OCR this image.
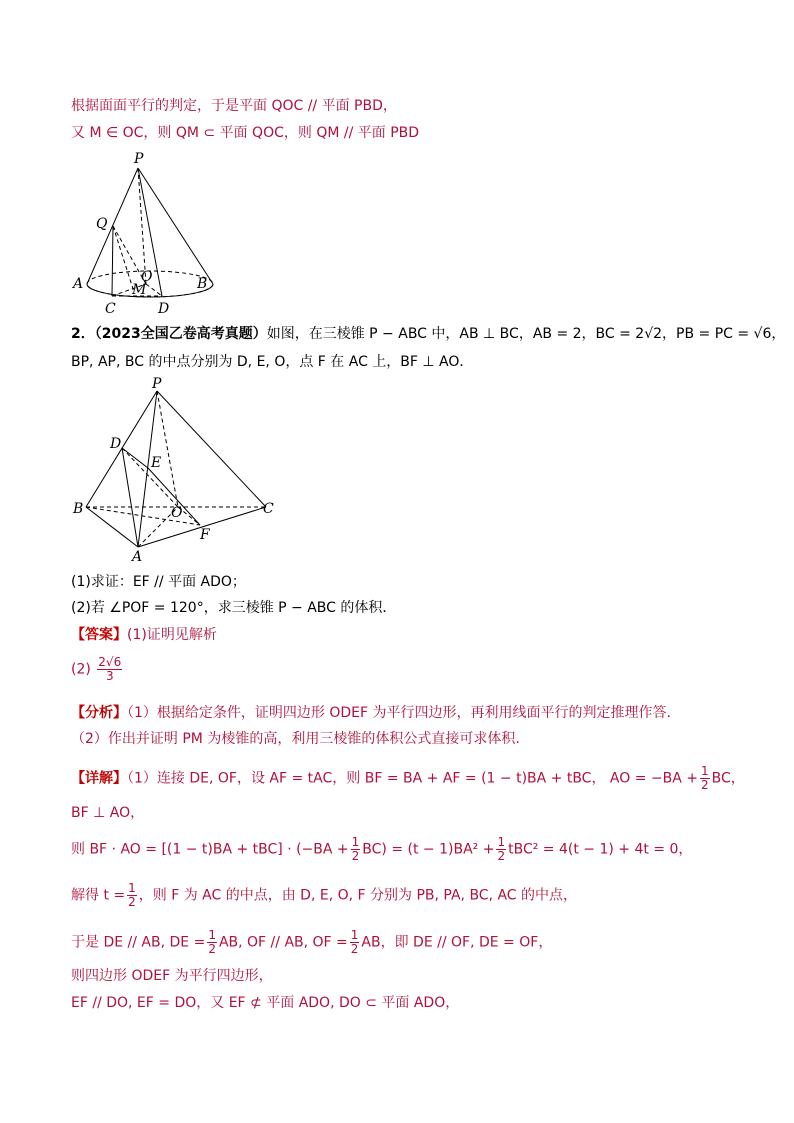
根据面面平行的判定，于是平面 QOC // 平面 PBD，
又 M ∈ OC，则 QM ⊂ 平面 QOC，则 QM // 平面 PBD
P
Q
O
A	B
C
M
D
2．（2023全国乙卷高考真题）如图，在三棱锥 P − ABC 中，AB ⊥ BC，AB = 2，BC = 2√2，PB = PC = √6，
BP, AP, BC 的中点分别为 D, E, O，点 F 在 AC 上，BF ⊥ AO．
P
D
E
B	O	C
F
A
(1)求证：EF // 平面 ADO；
(2)若 ∠POF = 120°，求三棱锥 P − ABC 的体积．
【答案】(1)证明见解析
$(2) \frac{2√6}{3}$
【分析】（1）根据给定条件，证明四边形 ODEF 为平行四边形，再利用线面平行的判定推理作答.
（2）作出并证明 PM 为棱锥的高，利用三棱锥的体积公式直接可求体积.
【详解】（1）连接 DE, OF，设 AF = tAC，则 BF = BA + AF = (1 − t)BA + tBC， AO = $-BA + \frac{1}{2}$ BC，
BF ⊥ AO，
则 BF · AO = $[(1 - t)BA + tBC] \cdot (-BA + \frac{1}{2} BC) = (t - 1)BA^2 + \frac{1}{2} tBC^2 = 4(t - 1) + 4t = 0$，
解得 $t = \frac{1}{2}$ ，则 F 为 AC 的中点，由 D, E, O, F 分别为 PB, PA, BC, AC 的中点，
于是 DE // AB, DE = $\frac{1}{2}$ AB, OF // AB, OF = $\frac{1}{2}$ AB，即 DE // OF, DE = OF，
则四边形 ODEF 为平行四边形，
EF // DO, EF = DO，又 EF ⊄ 平面 ADO, DO ⊂ 平面 ADO，
